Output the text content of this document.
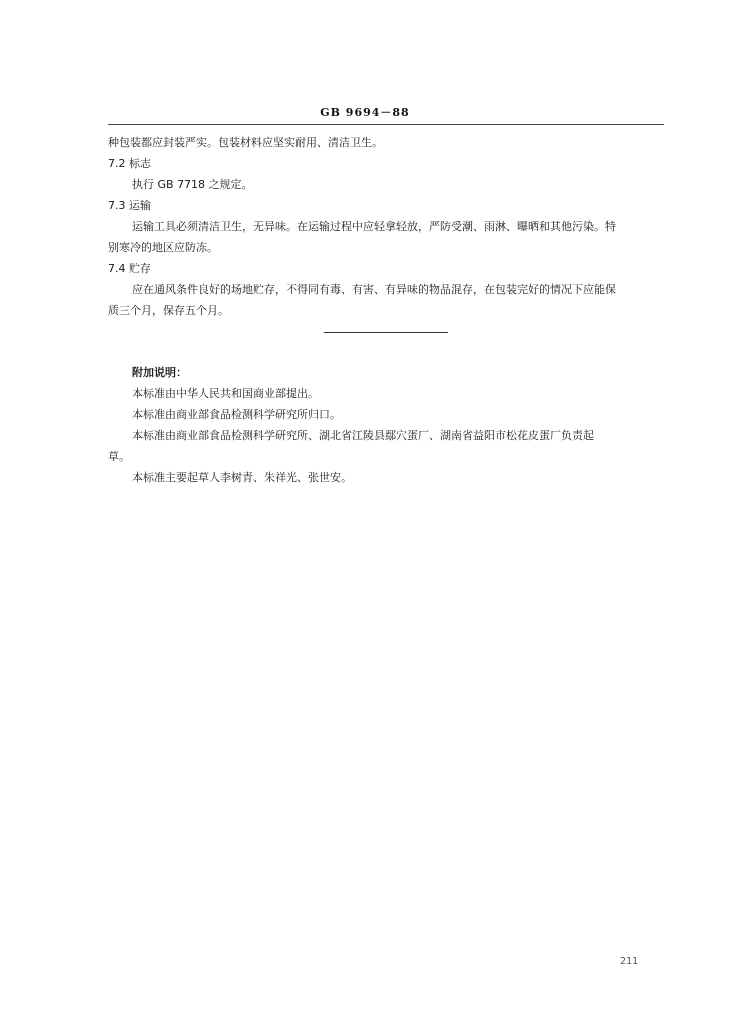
GB 9694－88
种包装都应封装严实。包装材料应坚实耐用、清洁卫生。
7.2 标志
执行 GB 7718 之规定。
7.3 运输
运输工具必须清洁卫生，无异味。在运输过程中应轻拿轻放，严防受潮、雨淋、曝晒和其他污染。特
别寒冷的地区应防冻。
7.4 贮存
应在通风条件良好的场地贮存，不得同有毒、有害、有异味的物品混存，在包装完好的情况下应能保
质三个月，保存五个月。
附加说明：
本标准由中华人民共和国商业部提出。
本标准由商业部食品检测科学研究所归口。
本标准由商业部食品检测科学研究所、湖北省江陵县鄢穴蛋厂、湖南省益阳市松花皮蛋厂负责起
草。
本标准主要起草人李树青、朱祥光、张世安。
211
